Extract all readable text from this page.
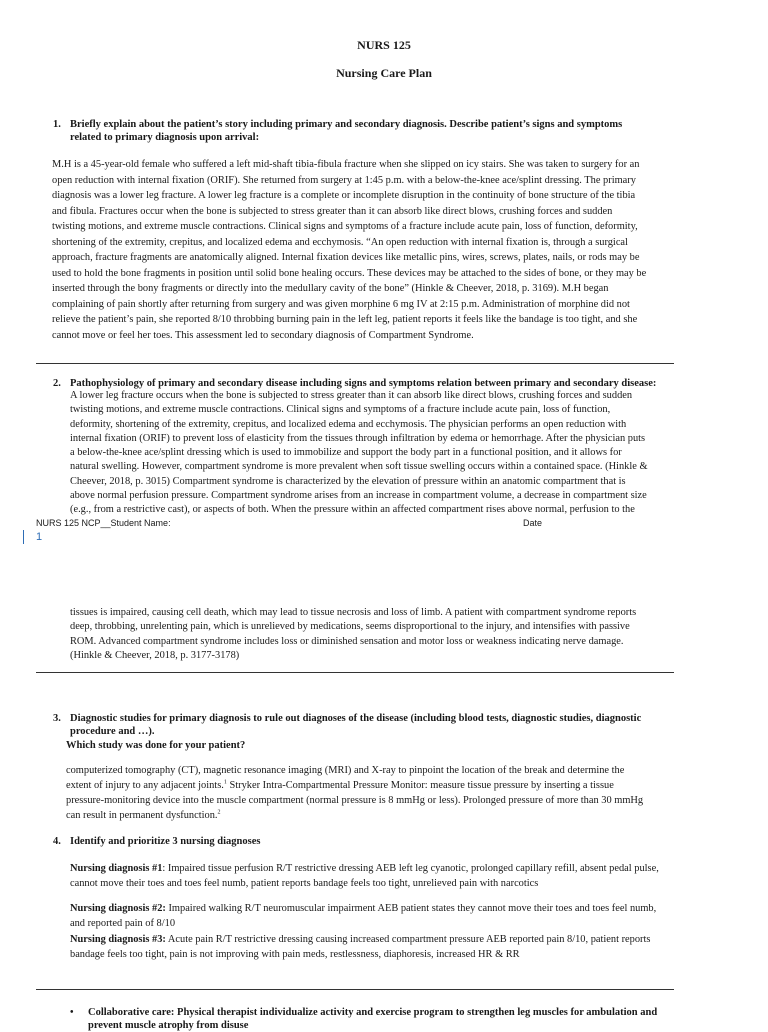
NURS 125
Nursing Care Plan
1. Briefly explain about the patient’s story including primary and secondary diagnosis. Describe patient’s signs and symptoms
related to primary diagnosis upon arrival:
M.H is a 45-year-old female who suffered a left mid-shaft tibia-fibula fracture when she slipped on icy stairs. She was taken to surgery for an
open reduction with internal fixation (ORIF). She returned from surgery at 1:45 p.m. with a below-the-knee ace/splint dressing. The primary
diagnosis was a lower leg fracture. A lower leg fracture is a complete or incomplete disruption in the continuity of bone structure of the tibia
and fibula. Fractures occur when the bone is subjected to stress greater than it can absorb like direct blows, crushing forces and sudden
twisting motions, and extreme muscle contractions. Clinical signs and symptoms of a fracture include acute pain, loss of function, deformity,
shortening of the extremity, crepitus, and localized edema and ecchymosis. “An open reduction with internal fixation is, through a surgical
approach, fracture fragments are anatomically aligned. Internal fixation devices like metallic pins, wires, screws, plates, nails, or rods may be
used to hold the bone fragments in position until solid bone healing occurs. These devices may be attached to the sides of bone, or they may be
inserted through the bony fragments or directly into the medullary cavity of the bone” (Hinkle & Cheever, 2018, p. 3169). M.H began
complaining of pain shortly after returning from surgery and was given morphine 6 mg IV at 2:15 p.m. Administration of morphine did not
relieve the patient’s pain, she reported 8/10 throbbing burning pain in the left leg, patient reports it feels like the bandage is too tight, and she
cannot move or feel her toes. This assessment led to secondary diagnosis of Compartment Syndrome.
2. Pathophysiology of primary and secondary disease including signs and symptoms relation between primary and secondary disease:
A lower leg fracture occurs when the bone is subjected to stress greater than it can absorb like direct blows, crushing forces and sudden
twisting motions, and extreme muscle contractions. Clinical signs and symptoms of a fracture include acute pain, loss of function,
deformity, shortening of the extremity, crepitus, and localized edema and ecchymosis. The physician performs an open reduction with
internal fixation (ORIF) to prevent loss of elasticity from the tissues through infiltration by edema or hemorrhage. After the physician puts
a below-the-knee ace/splint dressing which is used to immobilize and support the body part in a functional position, and it allows for
natural swelling. However, compartment syndrome is more prevalent when soft tissue swelling occurs within a contained space. (Hinkle &
Cheever, 2018, p. 3015) Compartment syndrome is characterized by the elevation of pressure within an anatomic compartment that is
above normal perfusion pressure. Compartment syndrome arises from an increase in compartment volume, a decrease in compartment size
(e.g., from a restrictive cast), or aspects of both. When the pressure within an affected compartment rises above normal, perfusion to the
NURS 125 NCP__Student Name:	Date
1
tissues is impaired, causing cell death, which may lead to tissue necrosis and loss of limb. A patient with compartment syndrome reports
deep, throbbing, unrelenting pain, which is unrelieved by medications, seems disproportional to the injury, and intensifies with passive
ROM. Advanced compartment syndrome includes loss or diminished sensation and motor loss or weakness indicating nerve damage.
(Hinkle & Cheever, 2018, p. 3177-3178)
3. Diagnostic studies for primary diagnosis to rule out diagnoses of the disease (including blood tests, diagnostic studies, diagnostic
procedure and …).
Which study was done for your patient?
computerized tomography (CT), magnetic resonance imaging (MRI) and X-ray to pinpoint the location of the break and determine the
extent of injury to any adjacent joints.$^1$ Stryker Intra-Compartmental Pressure Monitor: measure tissue pressure by inserting a tissue
pressure-monitoring device into the muscle compartment (normal pressure is 8 mmHg or less). Prolonged pressure of more than 30 mmHg
can result in permanent dysfunction.$^2$
4. Identify and prioritize 3 nursing diagnoses
Nursing diagnosis #1: Impaired tissue perfusion R/T restrictive dressing AEB left leg cyanotic, prolonged capillary refill, absent pedal pulse,
cannot move their toes and toes feel numb, patient reports bandage feels too tight, unrelieved pain with narcotics
Nursing diagnosis #2: Impaired walking R/T neuromuscular impairment AEB patient states they cannot move their toes and toes feel numb,
and reported pain of 8/10
Nursing diagnosis #3: Acute pain R/T restrictive dressing causing increased compartment pressure AEB reported pain 8/10, patient reports
bandage feels too tight, pain is not improving with pain meds, restlessness, diaphoresis, increased HR & RR
• Collaborative care: Physical therapist individualize activity and exercise program to strengthen leg muscles for ambulation and
prevent muscle atrophy from disuse
